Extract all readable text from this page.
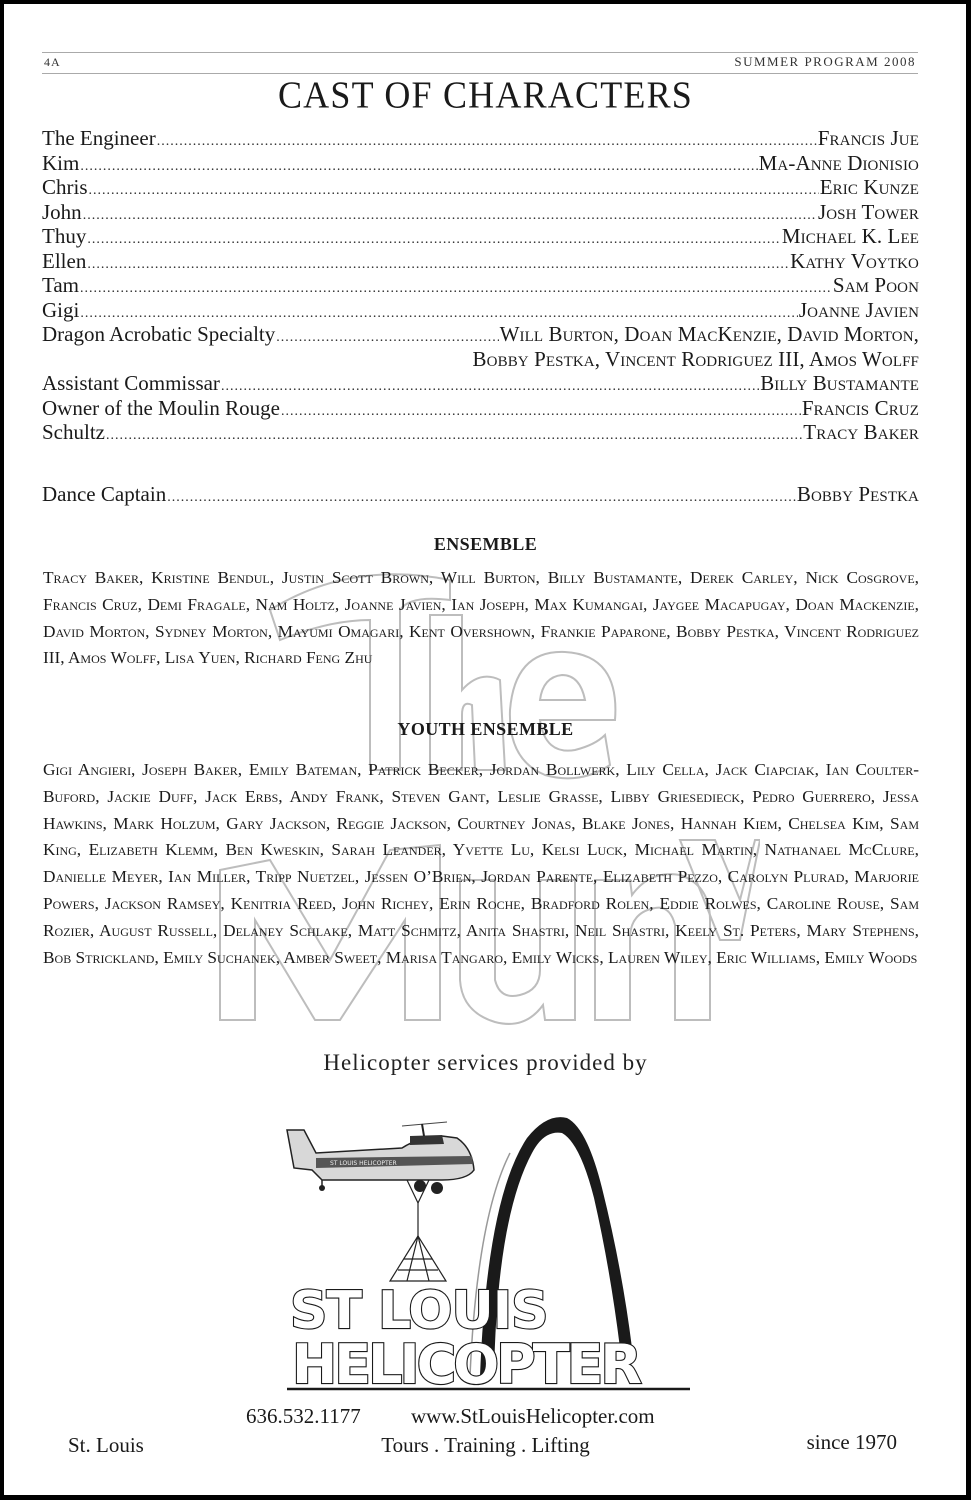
4A	SUMMER PROGRAM 2008
CAST OF CHARACTERS
The Engineer .....	Francis Jue
Kim .....	Ma-Anne Dionisio
Chris .....	Eric Kunze
John .....	Josh Tower
Thuy .....	Michael K. Lee
Ellen .....	Kathy Voytko
Tam .....	Sam Poon
Gigi .....	Joanne Javien
Dragon Acrobatic Specialty .....	Will Burton, Doan MacKenzie, David Morton,
Bobby Pestka, Vincent Rodriguez III, Amos Wolff
Assistant Commissar .....	Billy Bustamante
Owner of the Moulin Rouge .....	Francis Cruz
Schultz .....	Tracy Baker
Dance Captain .....	Bobby Pestka
ENSEMBLE

Tracy Baker, Kristine Bendul, Justin Scott Brown, Will Burton, Billy Bustamante, Derek Carley, Nick Cosgrove, Francis Cruz, Demi Fragale, Nam Holtz, Joanne Javien, Ian Joseph, Max Kumangai, Jaygee Macapugay, Doan Mackenzie, David Morton, Sydney Morton, Mayumi Omagari, Kent Overshown, Frankie Paparone, Bobby Pestka, Vincent Rodriguez III, Amos Wolff, Lisa Yuen, Richard Feng Zhu

YOUTH ENSEMBLE

Gigi Angieri, Joseph Baker, Emily Bateman, Patrick Becker, Jordan Bollwerk, Lily Cella, Jack Ciapciak, Ian Coulter-Buford, Jackie Duff, Jack Erbs, Andy Frank, Steven Gant, Leslie Grasse, Libby Griesedieck, Pedro Guerrero, Jessa Hawkins, Mark Holzum, Gary Jackson, Reggie Jackson, Courtney Jonas, Blake Jones, Hannah Kiem, Chelsea Kim, Sam King, Elizabeth Klemm, Ben Kweskin, Sarah Leander, Yvette Lu, Kelsi Luck, Michael Martin, Nathanael McClure, Danielle Meyer, Ian Miller, Tripp Nuetzel, Jessen O’Brien, Jordan Parente, Elizabeth Pezzo, Carolyn Plurad, Marjorie Powers, Jackson Ramsey, Kenitria Reed, John Richey, Erin Roche, Bradford Rolen, Eddie Rolwes, Caroline Rouse, Sam Rozier, August Russell, Delaney Schlake, Matt Schmitz, Anita Shastri, Neil Shastri, Keely St. Peters, Mary Stephens, Bob Strickland, Emily Suchanek, Amber Sweet, Marisa Tangaro, Emily Wicks, Lauren Wiley, Eric Williams, Emily Woods

Helicopter services provided by
ST LOUIS HELICOPTER
ST LOUIS
HELICOPTER
636.532.1177 www.StLouisHelicopter.com
St. Louis	Tours . Training . Lifting	since 1970
